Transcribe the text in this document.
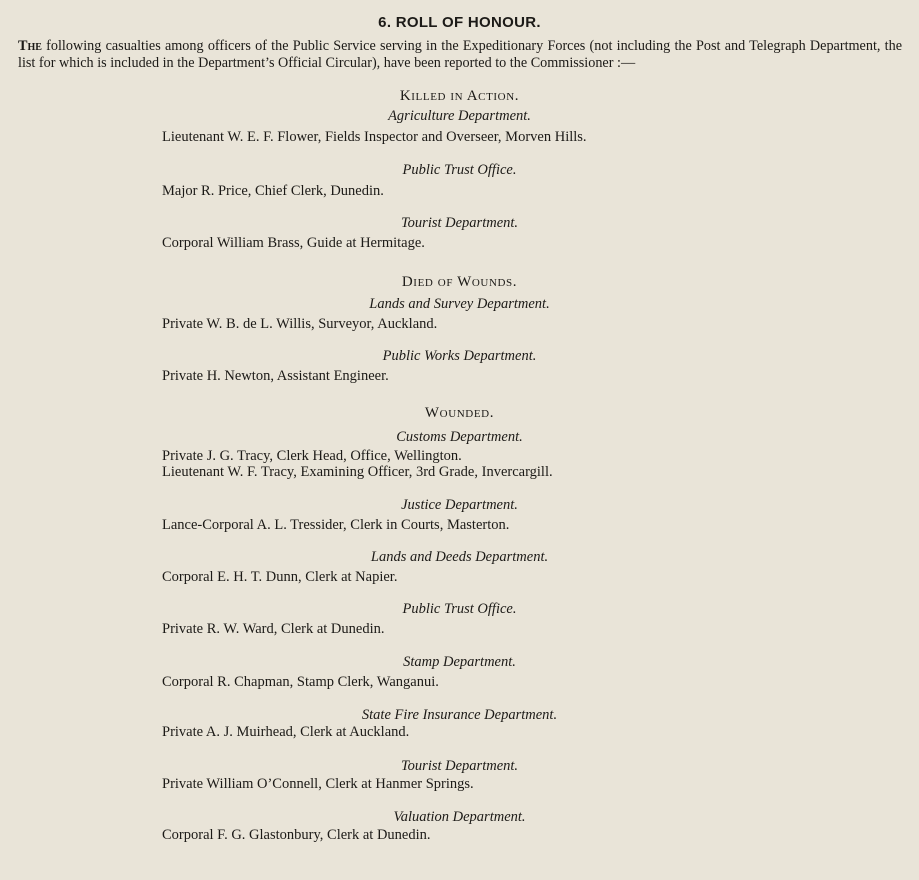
6. ROLL OF HONOUR.
The following casualties among officers of the Public Service serving in the Expeditionary Forces (not including the Post and Telegraph Department, the list for which is included in the Department’s Official Circular), have been reported to the Commissioner :—
Killed in Action.
Agriculture Department.
Lieutenant W. E. F. Flower, Fields Inspector and Overseer, Morven Hills.
Public Trust Office.
Major R. Price, Chief Clerk, Dunedin.
Tourist Department.
Corporal William Brass, Guide at Hermitage.
Died of Wounds.
Lands and Survey Department.
Private W. B. de L. Willis, Surveyor, Auckland.
Public Works Department.
Private H. Newton, Assistant Engineer.
Wounded.
Customs Department.
Private J. G. Tracy, Clerk Head, Office, Wellington.
Lieutenant W. F. Tracy, Examining Officer, 3rd Grade, Invercargill.
Justice Department.
Lance-Corporal A. L. Tressider, Clerk in Courts, Masterton.
Lands and Deeds Department.
Corporal E. H. T. Dunn, Clerk at Napier.
Public Trust Office.
Private R. W. Ward, Clerk at Dunedin.
Stamp Department.
Corporal R. Chapman, Stamp Clerk, Wanganui.
State Fire Insurance Department.
Private A. J. Muirhead, Clerk at Auckland.
Tourist Department.
Private William O’Connell, Clerk at Hanmer Springs.
Valuation Department.
Corporal F. G. Glastonbury, Clerk at Dunedin.
